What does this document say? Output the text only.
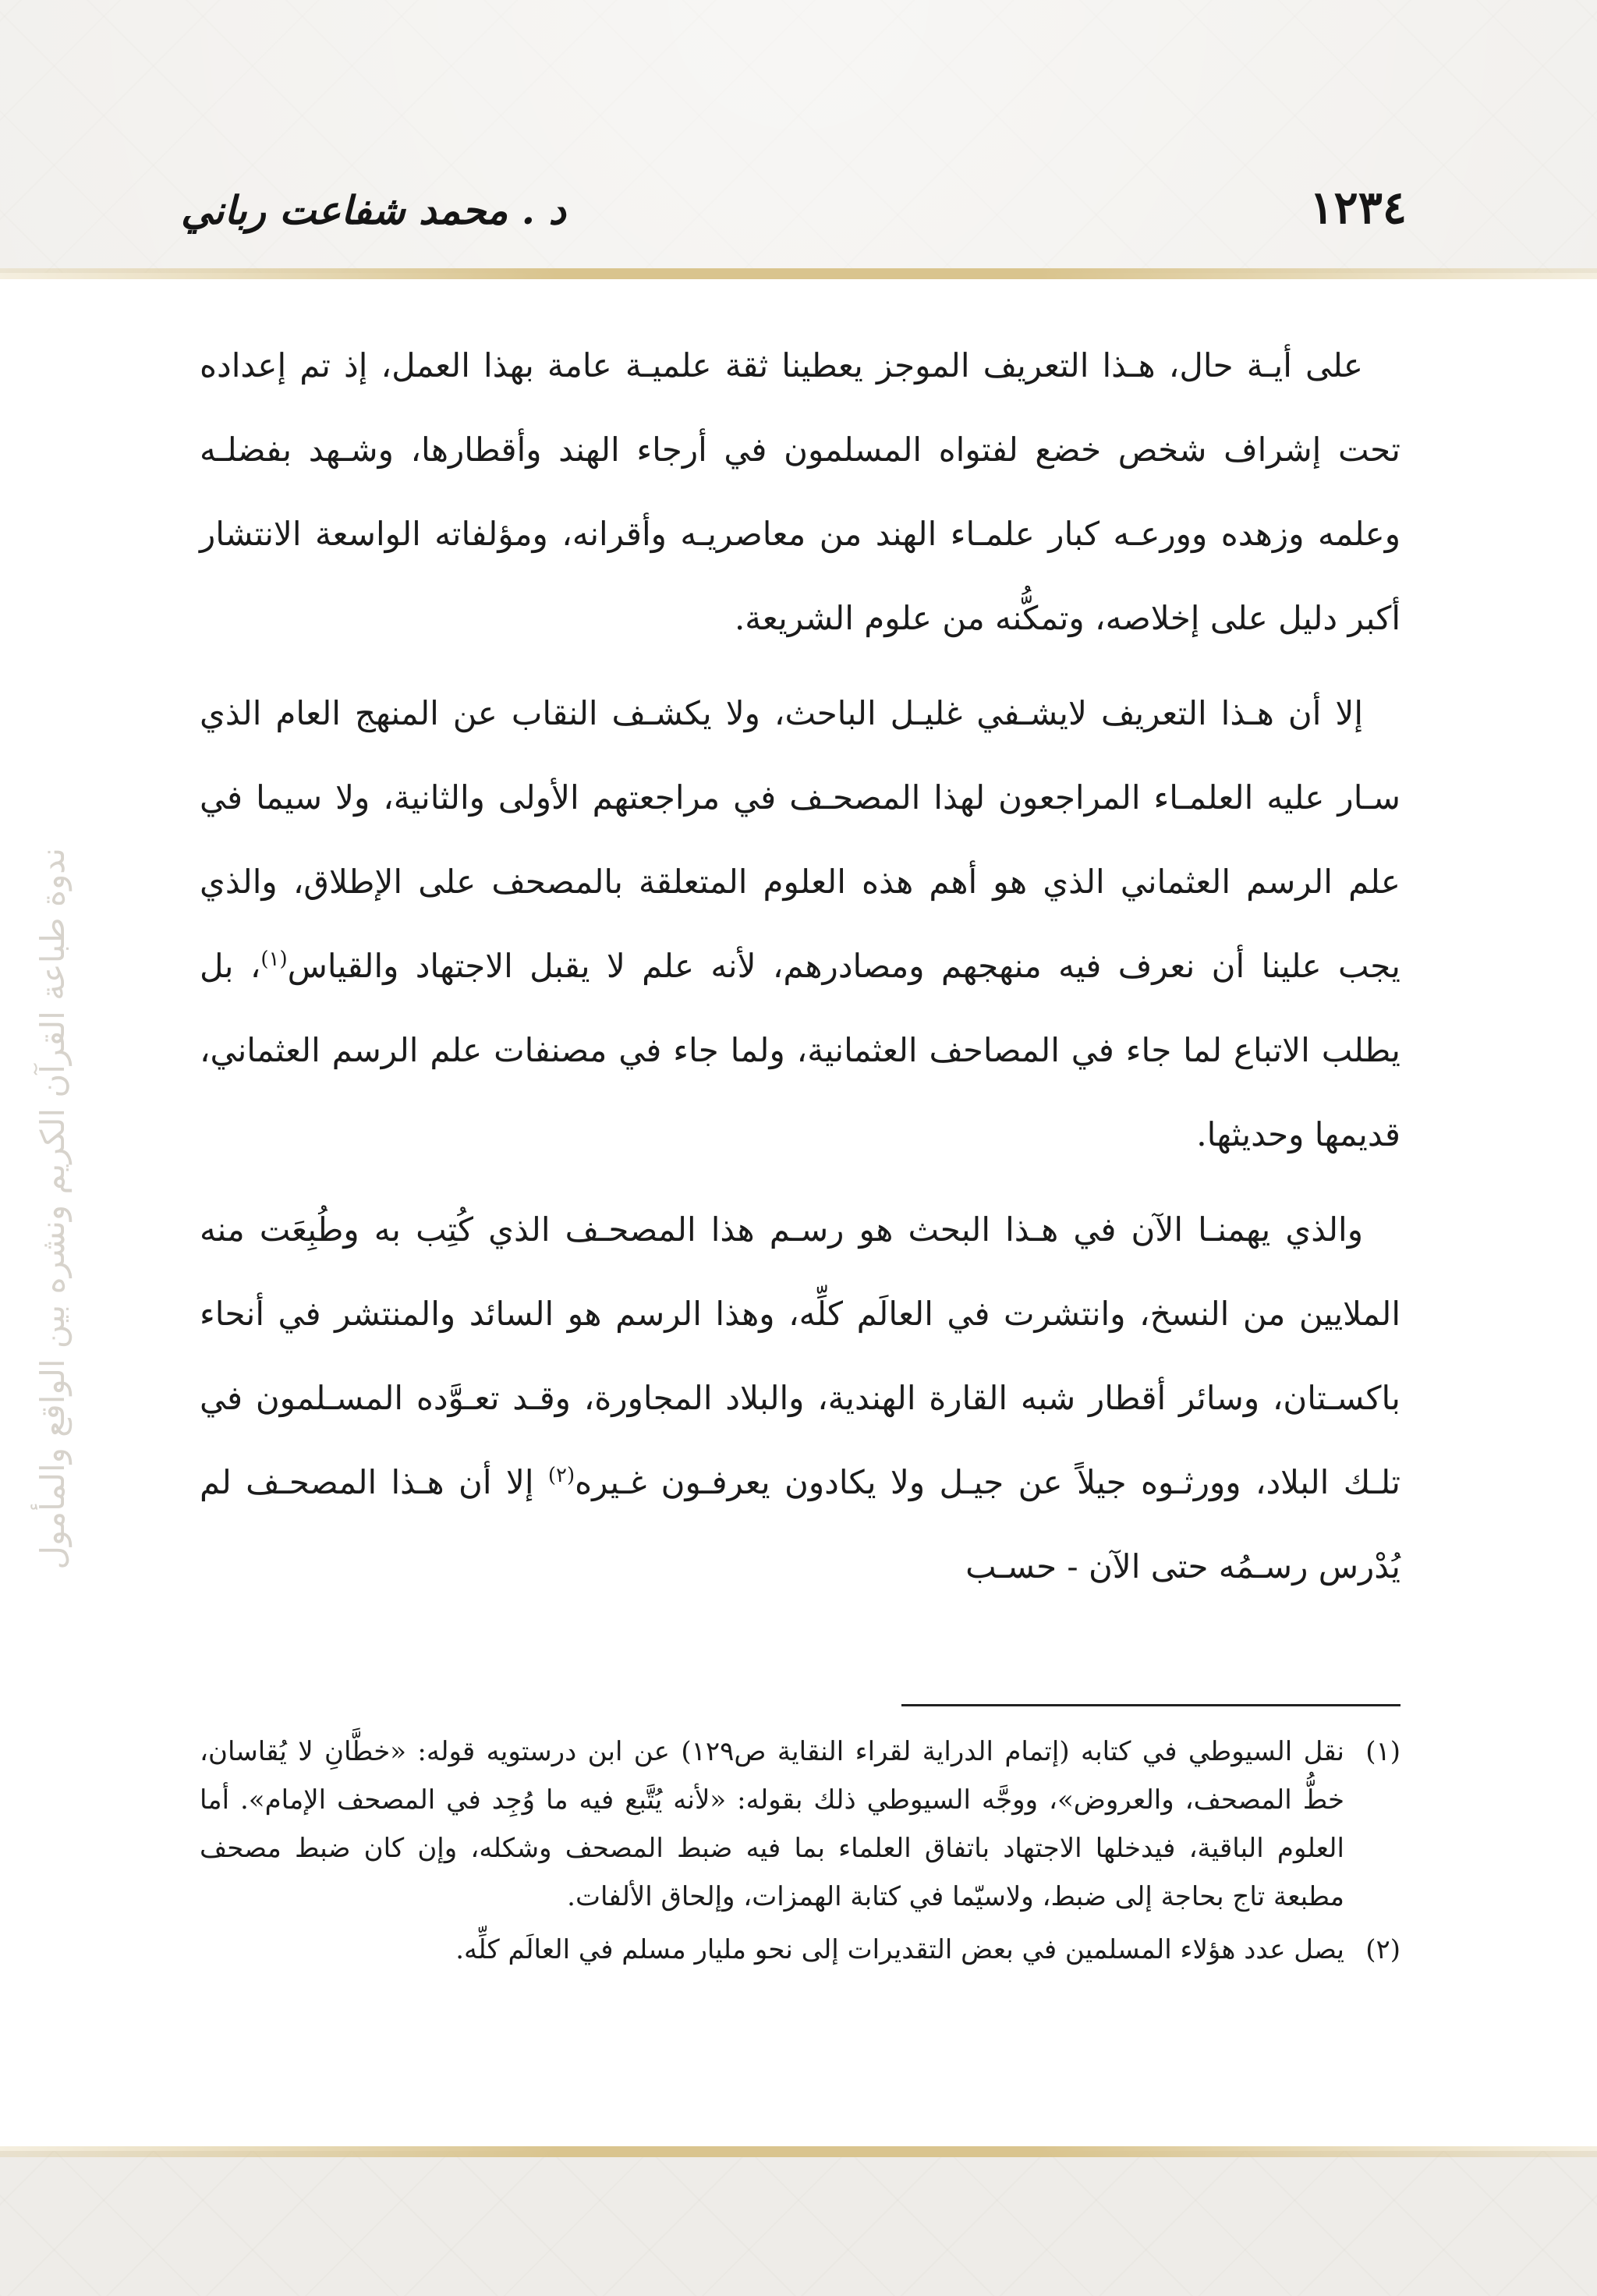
١٢٣٤
د . محمد شفاعت رباني
ندوة طباعة القرآن الكريم ونشره بين الواقع والمأمول

على أيـة حال، هـذا التعريف الموجز يعطينا ثقة علميـة عامة بهذا العمل، إذ تم إعداده تحت إشراف شخص خضع لفتواه المسلمون في أرجاء الهند وأقطارها، وشـهد بفضلـه وعلمه وزهده وورعـه كبار علمـاء الهند من معاصريـه وأقرانه، ومؤلفاته الواسعة الانتشار أكبر دليل على إخلاصه، وتمكُّنه من علوم الشريعة.

إلا أن هـذا التعريف لايشـفي غليـل الباحث، ولا يكشـف النقاب عن المنهج العام الذي سـار عليه العلمـاء المراجعون لهذا المصحـف في مراجعتهم الأولى والثانية، ولا سيما في علم الرسم العثماني الذي هو أهم هذه العلوم المتعلقة بالمصحف على الإطلاق، والذي يجب علينا أن نعرف فيه منهجهم ومصادرهم، لأنه علم لا يقبل الاجتهاد والقياس$^{(١)}$، بل يطلب الاتباع لما جاء في المصاحف العثمانية، ولما جاء في مصنفات علم الرسم العثماني، قديمها وحديثها.

والذي يهمنـا الآن في هـذا البحث هو رسـم هذا المصحـف الذي كُتِب به وطُبِعَت منه الملايين من النسخ، وانتشرت في العالَم كلِّه، وهذا الرسم هو السائد والمنتشر في أنحاء باكسـتان، وسائر أقطار شبه القارة الهندية، والبلاد المجاورة، وقـد تعـوَّده المسـلمون في تلـك البلاد، وورثـوه جيلاً عن جيـل ولا يكادون يعرفـون غـيره$^{(٢)}$ إلا أن هـذا المصحـف لم يُدْرس رسـمُه حتى الآن - حسـب

(١)
نقل السيوطي في كتابه (إتمام الدراية لقراء النقاية ص١٢٩) عن ابن درستويه قوله: «خطَّانِ لا يُقاسان، خطُّ المصحف، والعروض»، ووجَّه السيوطي ذلك بقوله: «لأنه يُتَّبع فيه ما وُجِد في المصحف الإمام». أما العلوم الباقية، فيدخلها الاجتهاد باتفاق العلماء بما فيه ضبط المصحف وشكله، وإن كان ضبط مصحف مطبعة تاج بحاجة إلى ضبط، ولاسيّما في كتابة الهمزات، وإلحاق الألفات.
(٢)
يصل عدد هؤلاء المسلمين في بعض التقديرات إلى نحو مليار مسلم في العالَم كلِّه.
